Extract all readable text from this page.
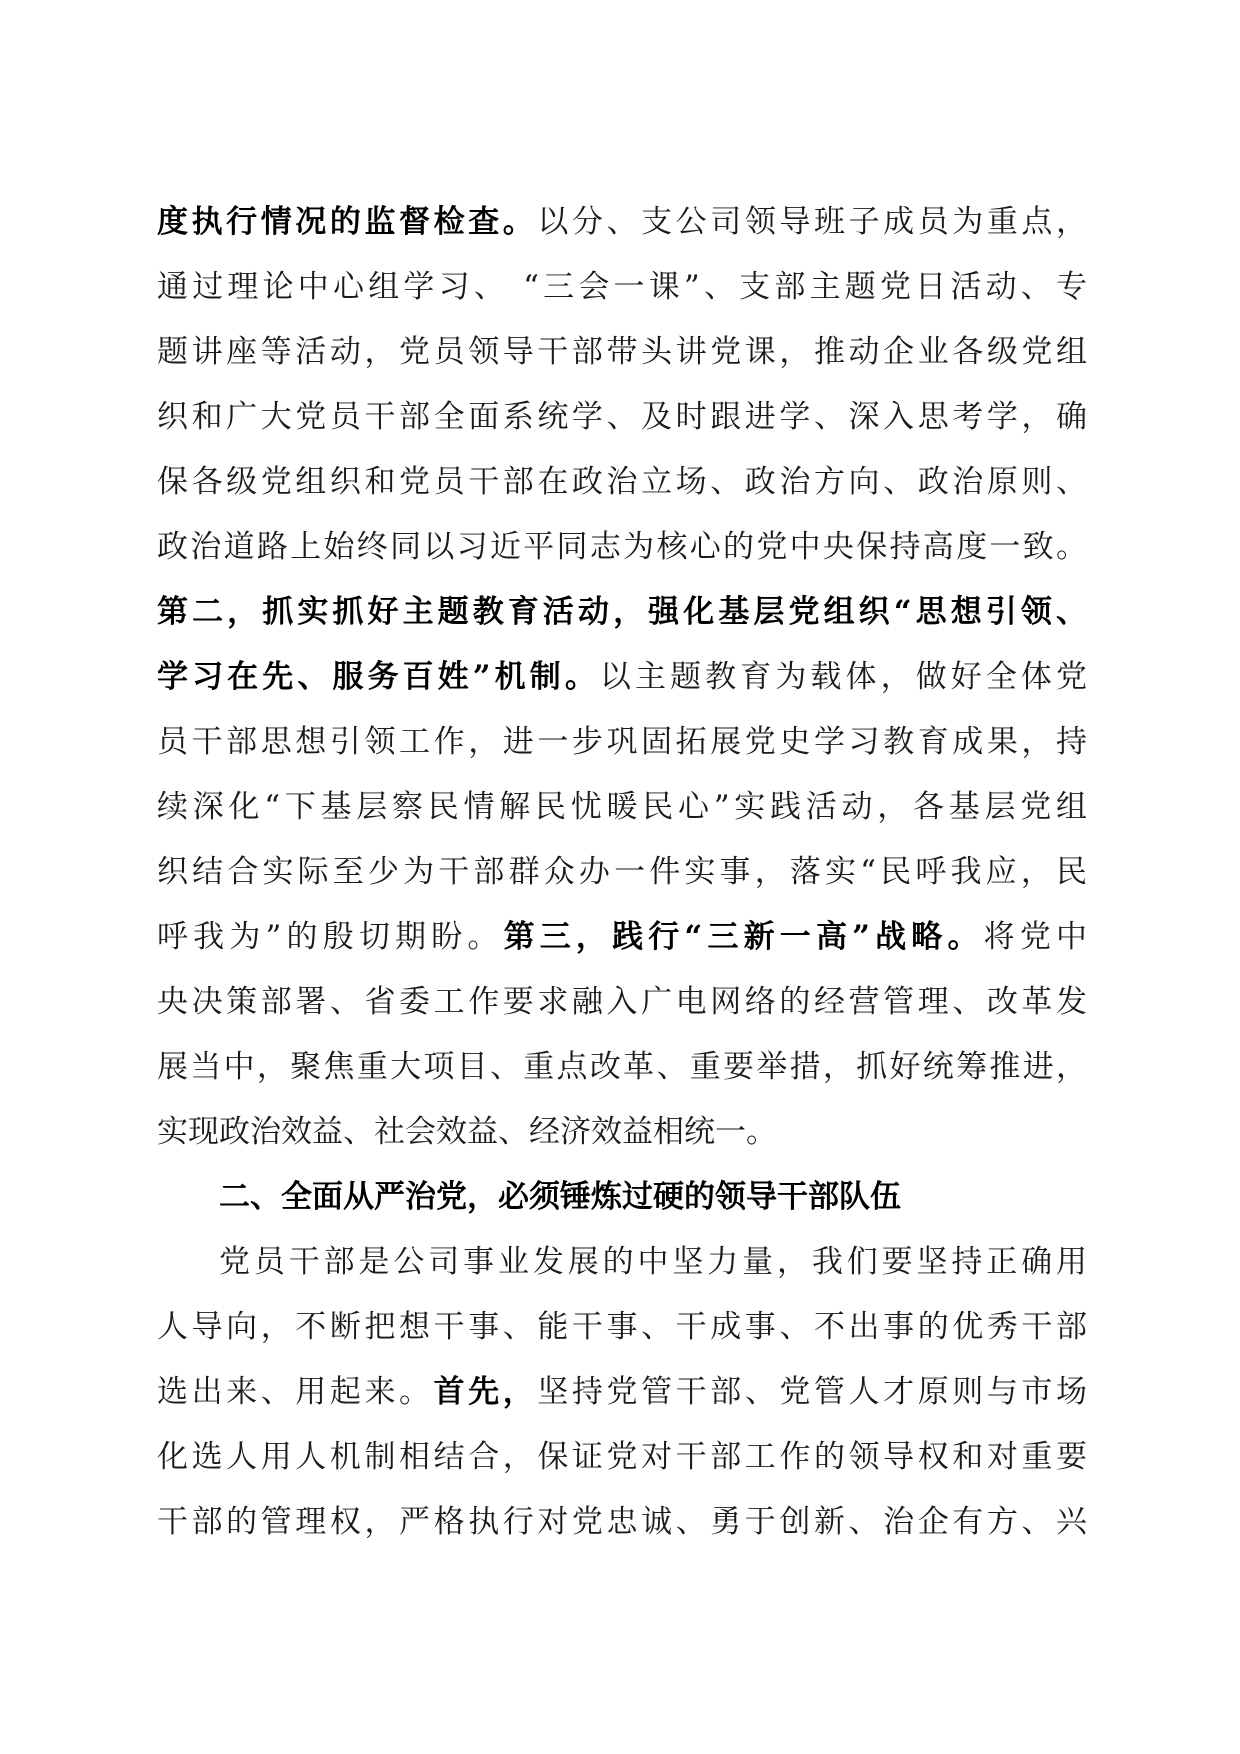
度执行情况的监督检查。以分、支公司领导班子成员为重点，
通过理论中心组学习、 “三会一课”、支部主题党日活动、专
题讲座等活动，党员领导干部带头讲党课，推动企业各级党组
织和广大党员干部全面系统学、及时跟进学、深入思考学，确
保各级党组织和党员干部在政治立场、政治方向、政治原则、
政治道路上始终同以习近平同志为核心的党中央保持高度一致。
第二，抓实抓好主题教育活动，强化基层党组织“思想引领、
学习在先、服务百姓”机制。以主题教育为载体，做好全体党
员干部思想引领工作，进一步巩固拓展党史学习教育成果，持
续深化“下基层察民情解民忧暖民心”实践活动，各基层党组
织结合实际至少为干部群众办一件实事，落实“民呼我应，民
呼我为”的殷切期盼。第三，践行“三新一高”战略。将党中
央决策部署、省委工作要求融入广电网络的经营管理、改革发
展当中，聚焦重大项目、重点改革、重要举措，抓好统筹推进，
实现政治效益、社会效益、经济效益相统一。
二、全面从严治党，必须锤炼过硬的领导干部队伍
党员干部是公司事业发展的中坚力量，我们要坚持正确用
人导向，不断把想干事、能干事、干成事、不出事的优秀干部
选出来、用起来。首先，坚持党管干部、党管人才原则与市场
化选人用人机制相结合，保证党对干部工作的领导权和对重要
干部的管理权，严格执行对党忠诚、勇于创新、治企有方、兴
